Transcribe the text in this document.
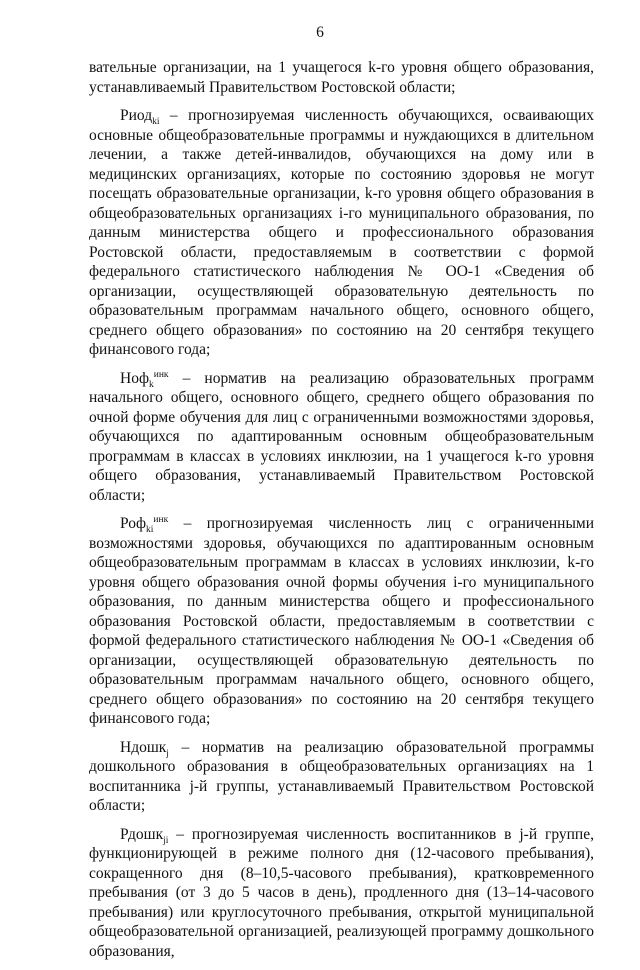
6

вательные организации, на 1 учащегося k-го уровня общего образования, устанавливаемый Правительством Ростовской области;

Риод$_{ki}$ – прогнозируемая численность обучающихся, осваивающих основные общеобразовательные программы и нуждающихся в длительном лечении, а также детей-инвалидов, обучающихся на дому или в медицинских организациях, которые по состоянию здоровья не могут посещать образовательные организации, k-го уровня общего образования в общеобразовательных организациях i-го муниципального образования, по данным министерства общего и профессионального образования Ростовской области, предоставляемым в соответствии с формой федерального статистического наблюдения № ОО-1 «Сведения об организации, осуществляющей образовательную деятельность по образовательным программам начального общего, основного общего, среднего общего образования» по состоянию на 20 сентября текущего финансового года;

Ноф$_k^{инк}$ – норматив на реализацию образовательных программ начального общего, основного общего, среднего общего образования по очной форме обучения для лиц с ограниченными возможностями здоровья, обучающихся по адаптированным основным общеобразовательным программам в классах в условиях инклюзии, на 1 учащегося k-го уровня общего образования, устанавливаемый Правительством Ростовской области;

Роф$_{ki}^{инк}$ – прогнозируемая численность лиц с ограниченными возможностями здоровья, обучающихся по адаптированным основным общеобразовательным программам в классах в условиях инклюзии, k-го уровня общего образования очной формы обучения i-го муниципального образования, по данным министерства общего и профессионального образования Ростовской области, предоставляемым в соответствии с формой федерального статистического наблюдения № ОО-1 «Сведения об организации, осуществляющей образовательную деятельность по образовательным программам начального общего, основного общего, среднего общего образования» по состоянию на 20 сентября текущего финансового года;

Ндошк$_j$ – норматив на реализацию образовательной программы дошкольного образования в общеобразовательных организациях на 1 воспитанника j-й группы, устанавливаемый Правительством Ростовской области;

Рдошк$_{ji}$ – прогнозируемая численность воспитанников в j-й группе, функционирующей в режиме полного дня (12-часового пребывания), сокращенного дня (8–10,5-часового пребывания), кратковременного пребывания (от 3 до 5 часов в день), продленного дня (13–14-часового пребывания) или круглосуточного пребывания, открытой муниципальной общеобразовательной организацией, реализующей программу дошкольного образования,
